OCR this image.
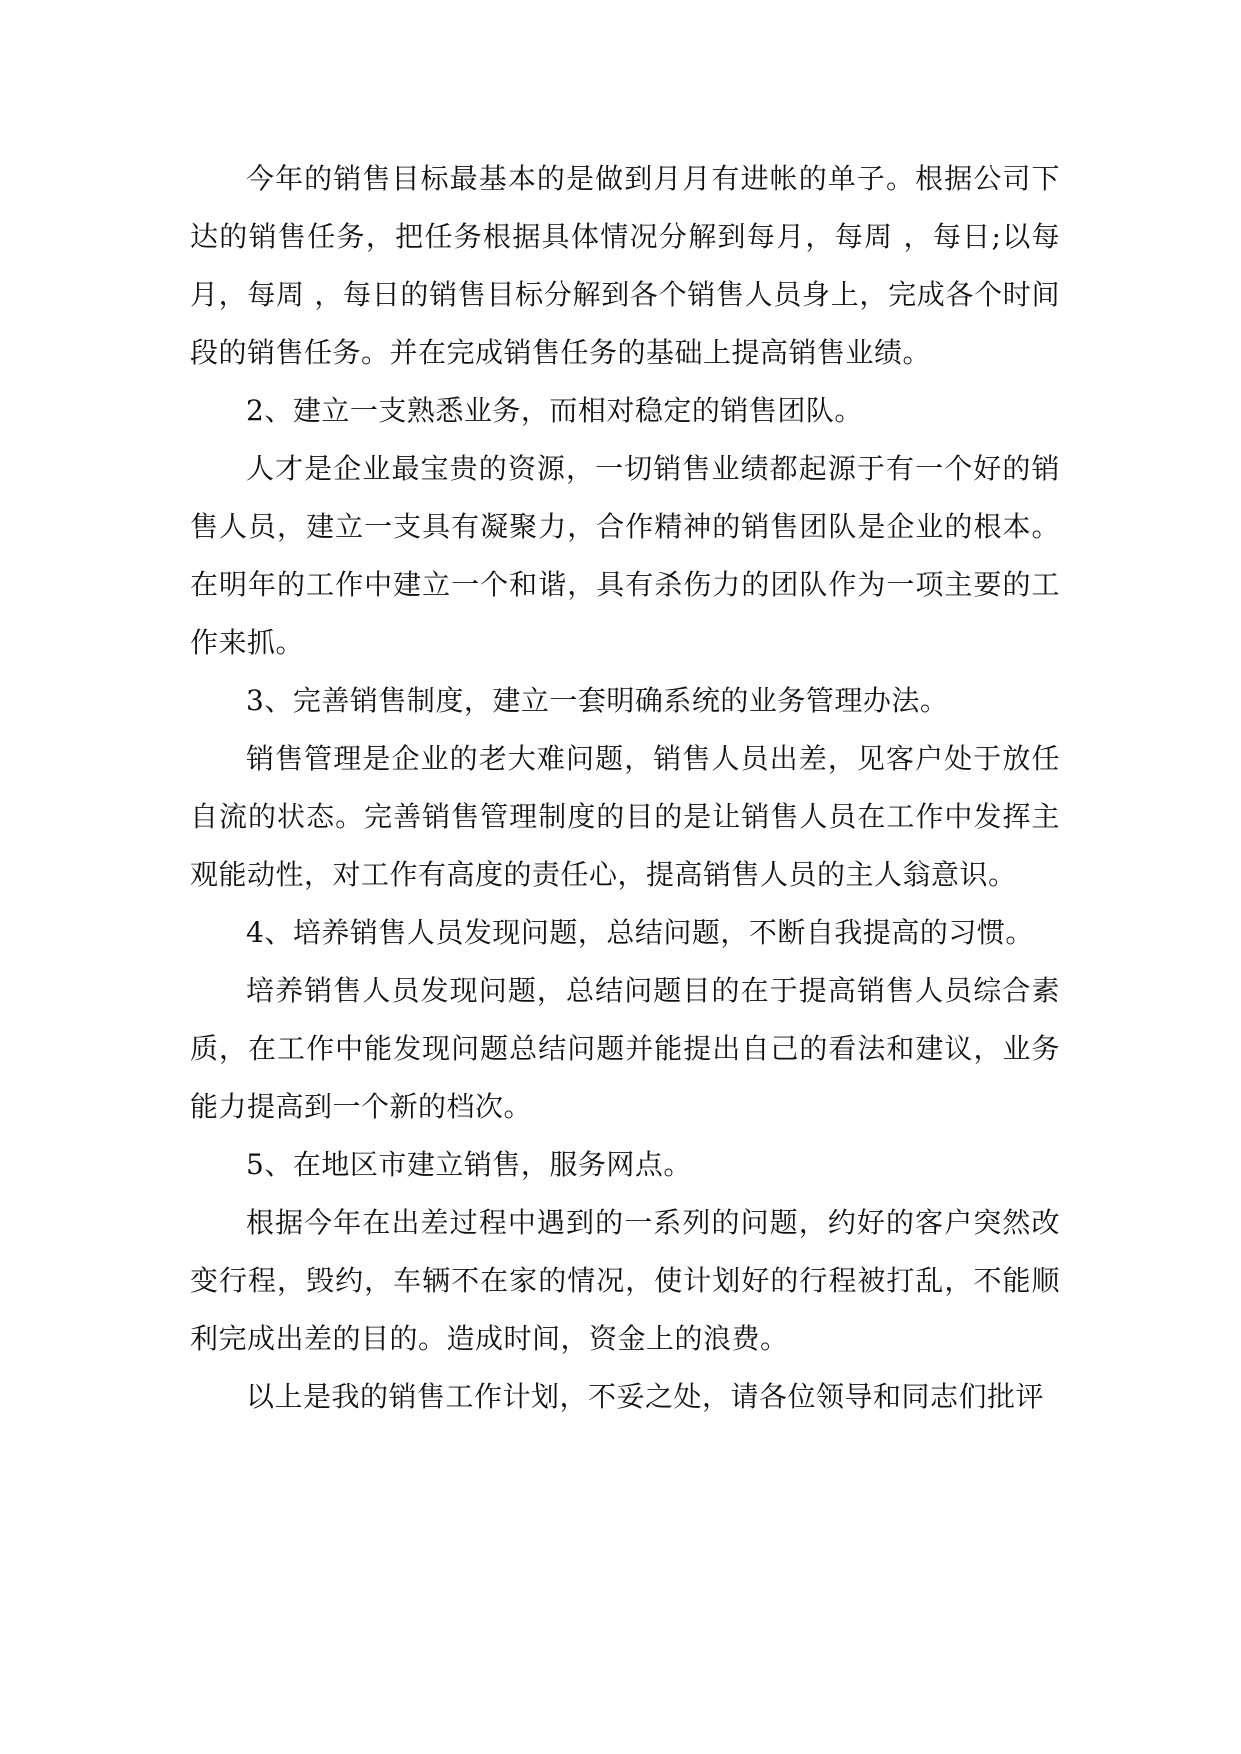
今年的销售目标最基本的是做到月月有进帐的单子。根据公司下达的销售任务，把任务根据具体情况分解到每月，每周 ，每日;以每月，每周 ，每日的销售目标分解到各个销售人员身上，完成各个时间段的销售任务。并在完成销售任务的基础上提高销售业绩。

2、建立一支熟悉业务，而相对稳定的销售团队。

人才是企业最宝贵的资源，一切销售业绩都起源于有一个好的销售人员，建立一支具有凝聚力，合作精神的销售团队是企业的根本。在明年的工作中建立一个和谐，具有杀伤力的团队作为一项主要的工作来抓。

3、完善销售制度，建立一套明确系统的业务管理办法。

销售管理是企业的老大难问题，销售人员出差，见客户处于放任自流的状态。完善销售管理制度的目的是让销售人员在工作中发挥主观能动性，对工作有高度的责任心，提高销售人员的主人翁意识。

4、培养销售人员发现问题，总结问题，不断自我提高的习惯。

培养销售人员发现问题，总结问题目的在于提高销售人员综合素质，在工作中能发现问题总结问题并能提出自己的看法和建议，业务能力提高到一个新的档次。

5、在地区市建立销售，服务网点。

根据今年在出差过程中遇到的一系列的问题，约好的客户突然改变行程，毁约，车辆不在家的情况，使计划好的行程被打乱，不能顺利完成出差的目的。造成时间，资金上的浪费。

以上是我的销售工作计划，不妥之处，请各位领导和同志们批评
